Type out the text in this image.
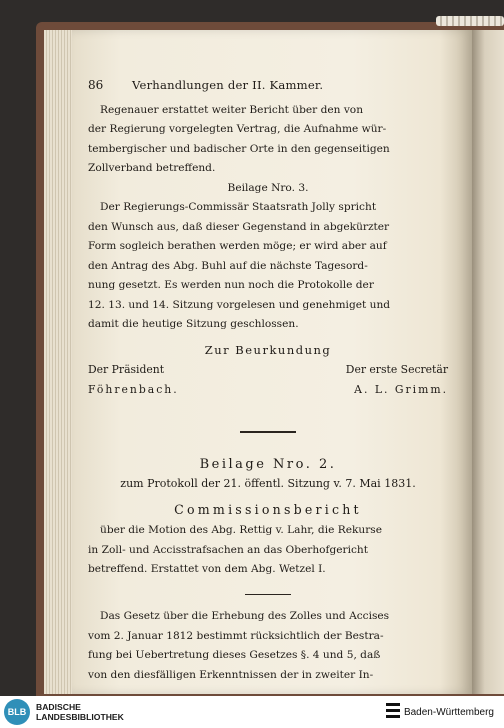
86	Verhandlungen der II. Kammer.

Regenauer erstattet weiter Bericht über den von
der Regierung vorgelegten Vertrag, die Aufnahme wür-
tembergischer und badischer Orte in den gegenseitigen
Zollverband betreffend.

Beilage Nro. 3.

Der Regierungs-Commissär Staatsrath Jolly spricht
den Wunsch aus, daß dieser Gegenstand in abgekürzter
Form sogleich berathen werden möge; er wird aber auf
den Antrag des Abg. Buhl auf die nächste Tagesord-
nung gesetzt. Es werden nun noch die Protokolle der
12. 13. und 14. Sitzung vorgelesen und genehmiget und
damit die heutige Sitzung geschlossen.

Zur Beurkundung
Der Präsident	Der erste Secretär
Föhrenbach.	A. L. Grimm.
Beilage Nro. 2.
zum Protokoll der 21. öffentl. Sitzung v. 7. Mai 1831.
Commissionsbericht

über die Motion des Abg. Rettig v. Lahr, die Rekurse
in Zoll- und Accisstrafsachen an das Oberhofgericht
betreffend. Erstattet von dem Abg. Wetzel I.

Das Gesetz über die Erhebung des Zolles und Accises
vom 2. Januar 1812 bestimmt rücksichtlich der Bestra-
fung bei Uebertretung dieses Gesetzes §. 4 und 5, daß
von den diesfälligen Erkenntnissen der in zweiter In-

BLB	BADISCHE
LANDESBIBLIOTHEK	Baden-Württemberg
